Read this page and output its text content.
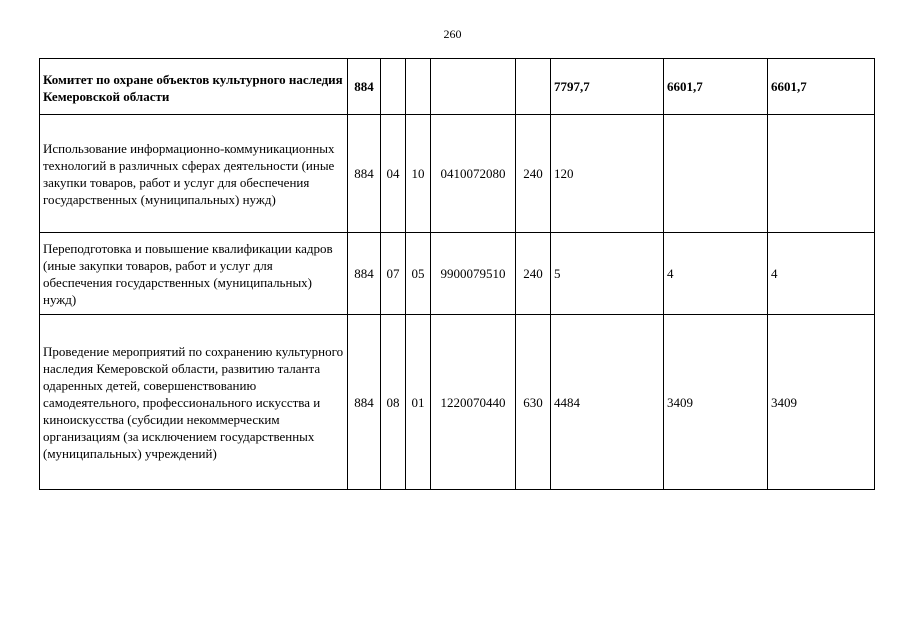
260
Комитет по охране объектов культурного наследия Кемеровской области	884					7797,7	6601,7	6601,7
Использование информационно-коммуникационных технологий в различных сферах деятельности (иные закупки товаров, работ и услуг для обеспечения государственных (муниципальных) нужд)	884	04	10	0410072080	240	120		
Переподготовка и повышение квалификации кадров (иные закупки товаров, работ и услуг для обеспечения государственных (муниципальных) нужд)	884	07	05	9900079510	240	5	4	4
Проведение мероприятий по сохранению культурного наследия Кемеровской области, развитию таланта одаренных детей, совершенствованию самодеятельного, профессионального искусства и киноискусства (субсидии некоммерческим организациям (за исключением государственных (муниципальных) учреждений)	884	08	01	1220070440	630	4484	3409	3409
